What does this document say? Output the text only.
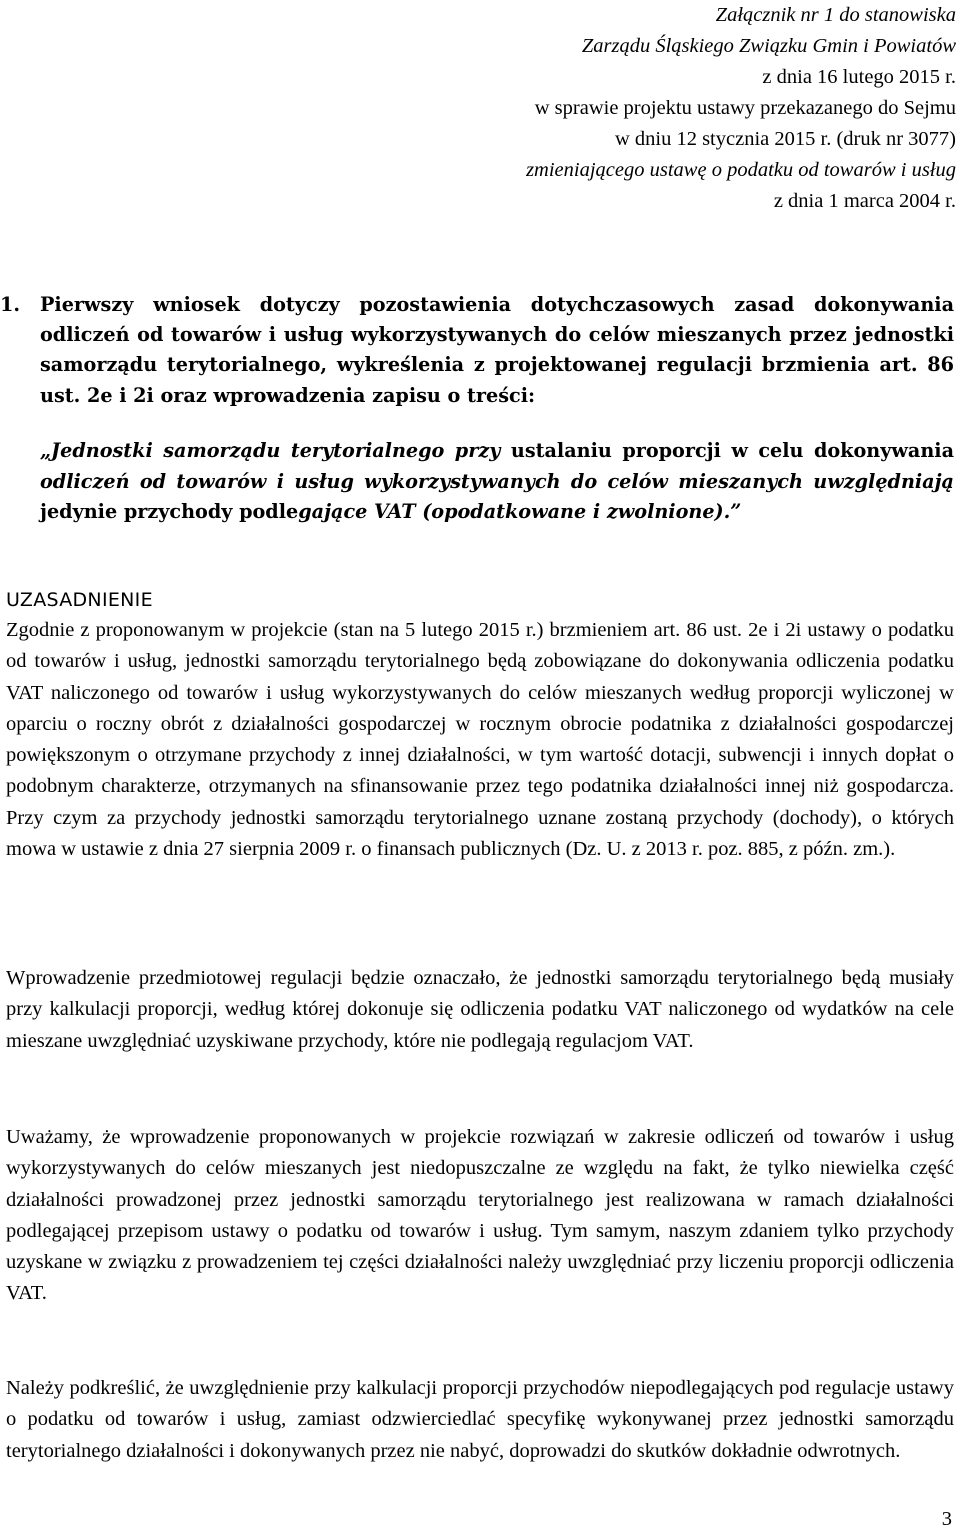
Załącznik nr 1 do stanowiska
Zarządu Śląskiego Związku Gmin i Powiatów
z dnia 16 lutego 2015 r.
w sprawie projektu ustawy przekazanego do Sejmu
w dniu 12 stycznia 2015 r. (druk nr 3077)
zmieniającego ustawę o podatku od towarów i usług
z dnia 1 marca 2004 r.

1. Pierwszy wniosek dotyczy pozostawienia dotychczasowych zasad dokonywania odliczeń od towarów i usług wykorzystywanych do celów mieszanych przez jednostki samorządu terytorialnego, wykreślenia z projektowanej regulacji brzmienia art. 86 ust. 2e i 2i oraz wprowadzenia zapisu o treści:

„Jednostki samorządu terytorialnego przy ustalaniu proporcji w celu dokonywania odliczeń od towarów i usług wykorzystywanych do celów mieszanych uwzględniają jedynie przychody podlegające VAT (opodatkowane i zwolnione).”

UZASADNIENIE

Zgodnie z proponowanym w projekcie (stan na 5 lutego 2015 r.) brzmieniem art. 86 ust. 2e i 2i ustawy o podatku od towarów i usług, jednostki samorządu terytorialnego będą zobowiązane do dokonywania odliczenia podatku VAT naliczonego od towarów i usług wykorzystywanych do celów mieszanych według proporcji wyliczonej w oparciu o roczny obrót z działalności gospodarczej w rocznym obrocie podatnika z działalności gospodarczej powiększonym o otrzymane przychody z innej działalności, w tym wartość dotacji, subwencji i innych dopłat o podobnym charakterze, otrzymanych na sfinansowanie przez tego podatnika działalności innej niż gospodarcza. Przy czym za przychody jednostki samorządu terytorialnego uznane zostaną przychody (dochody), o których mowa w ustawie z dnia 27 sierpnia 2009 r. o finansach publicznych (Dz. U. z 2013 r. poz. 885, z późn. zm.).

Wprowadzenie przedmiotowej regulacji będzie oznaczało, że jednostki samorządu terytorialnego będą musiały przy kalkulacji proporcji, według której dokonuje się odliczenia podatku VAT naliczonego od wydatków na cele mieszane uwzględniać uzyskiwane przychody, które nie podlegają regulacjom VAT.

Uważamy, że wprowadzenie proponowanych w projekcie rozwiązań w zakresie odliczeń od towarów i usług wykorzystywanych do celów mieszanych jest niedopuszczalne ze względu na fakt, że tylko niewielka część działalności prowadzonej przez jednostki samorządu terytorialnego jest realizowana w ramach działalności podlegającej przepisom ustawy o podatku od towarów i usług. Tym samym, naszym zdaniem tylko przychody uzyskane w związku z prowadzeniem tej części działalności należy uwzględniać przy liczeniu proporcji odliczenia VAT.

Należy podkreślić, że uwzględnienie przy kalkulacji proporcji przychodów niepodlegających pod regulacje ustawy o podatku od towarów i usług, zamiast odzwierciedlać specyfikę wykonywanej przez jednostki samorządu terytorialnego działalności i dokonywanych przez nie nabyć, doprowadzi do skutków dokładnie odwrotnych.

3
